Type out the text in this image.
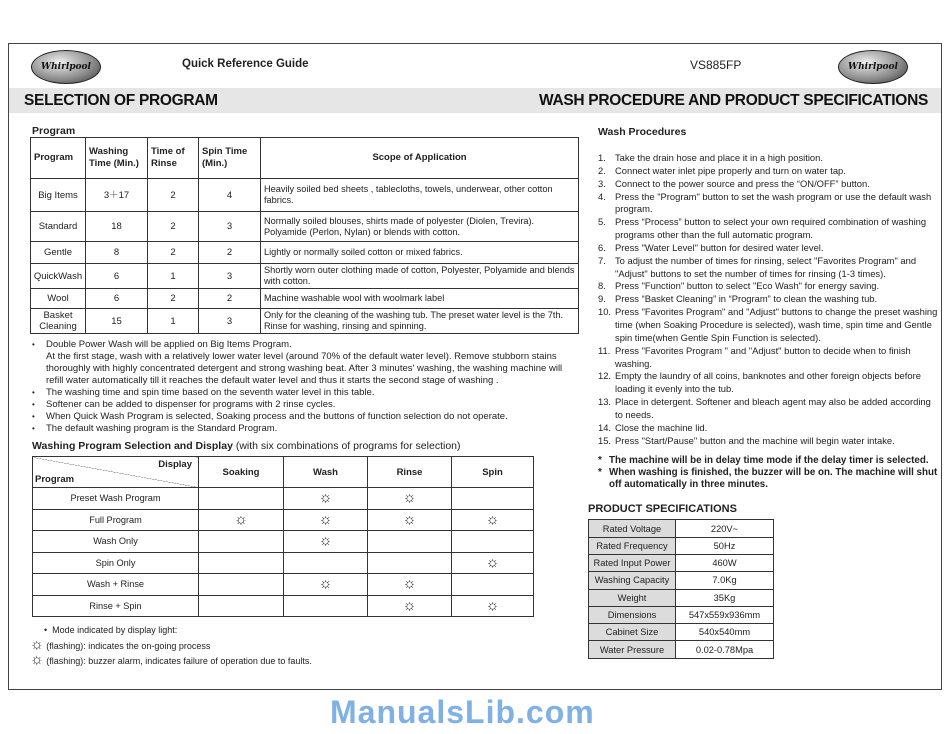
Whirlpool	Quick Reference Guide	VS885FP	Whirlpool
SELECTION OF PROGRAM	WASH PROCEDURE AND PRODUCT SPECIFICATIONS
Program
Program	Washing Time (Min.)	Time of Rinse	Spin Time (Min.)	Scope of Application
Big Items	3＋17	2	4	Heavily soiled bed sheets , tablecloths, towels, underwear, other cotton fabrics.
Standard	18	2	3	Normally soiled blouses, shirts made of polyester (Diolen, Trevira). Polyamide (Perlon, Nylan) or blends with cotton.
Gentle	8	2	2	Lightly or normally soiled cotton or mixed fabrics.
QuickWash	6	1	3	Shortly worn outer clothing made of cotton, Polyester, Polyamide and blends with cotton.
Wool	6	2	2	Machine washable wool with woolmark label
Basket Cleaning	15	1	3	Only for the cleaning of the washing tub. The preset water level is the 7th. Rinse for washing, rinsing and spinning.
• Double Power Wash will be applied on Big Items Program.
At the first stage, wash with a relatively lower water level (around 70% of the default water level). Remove stubborn stains thoroughly with highly concentrated detergent and strong washing beat. After 3 minutes' washing, the washing machine will refill water automatically till it reaches the default water level and thus it starts the second stage of washing .
• The washing time and spin time based on the seventh water level in this table.
• Softener can be added to dispenser for programs with 2 rinse cycles.
• When Quick Wash Program is selected, Soaking process and the buttons of function selection do not operate.
• The default washing program is the Standard Program.
Washing Program Selection and Display (with six combinations of programs for selection)
Display
Program	Soaking	Wash	Rinse	Spin
Preset Wash Program		☼	☼	
Full Program	☼	☼	☼	☼
Wash Only		☼		
Spin Only				☼
Wash + Rinse		☼	☼	
Rinse + Spin			☼	☼
•  Mode indicated by display light:
☼ (flashing): indicates the on-going process
☼ (flashing): buzzer alarm, indicates failure of operation due to faults.
Wash Procedures
1. Take the drain hose and place it in a high position.
2. Connect water inlet pipe properly and turn on water tap.
3. Connect to the power source and press the “ON/OFF” button.
4. Press the "Program" button to set the wash program or use the default wash program.
5. Press “Process” button to select your own required combination of washing programs other than the full automatic program.
6. Press "Water Level" button for desired water level.
7. To adjust the number of times for rinsing, select "Favorites Program" and "Adjust" buttons to set the number of times for rinsing (1-3 times).
8. Press "Function" button to select "Eco Wash" for energy saving.
9. Press “Basket Cleaning” in “Program” to clean the washing tub.
10. Press "Favorites Program" and "Adjust" buttons to change the preset washing time (when Soaking Procedure is selected), wash time, spin time and Gentle spin time(when Gentle Spin Function is selected).
11. Press "Favorites Program " and "Adjust" button to decide when to finish washing.
12. Empty the laundry of all coins, banknotes and other foreign objects before loading it evenly into the tub.
13. Place in detergent. Softener and bleach agent may also be added according to needs.
14. Close the machine lid.
15. Press "Start/Pause" button and the machine will begin water intake.
* The machine will be in delay time mode if the delay timer is selected.
* When washing is finished, the buzzer will be on. The machine will shut off automatically in three minutes.
PRODUCT SPECIFICATIONS
Rated Voltage	220V~
Rated Frequency	50Hz
Rated Input Power	460W
Washing Capacity	7.0Kg
Weight	35Kg
Dimensions	547x559x936mm
Cabinet Size	540x540mm
Water Pressure	0.02-0.78Mpa
ManualsLib.com
